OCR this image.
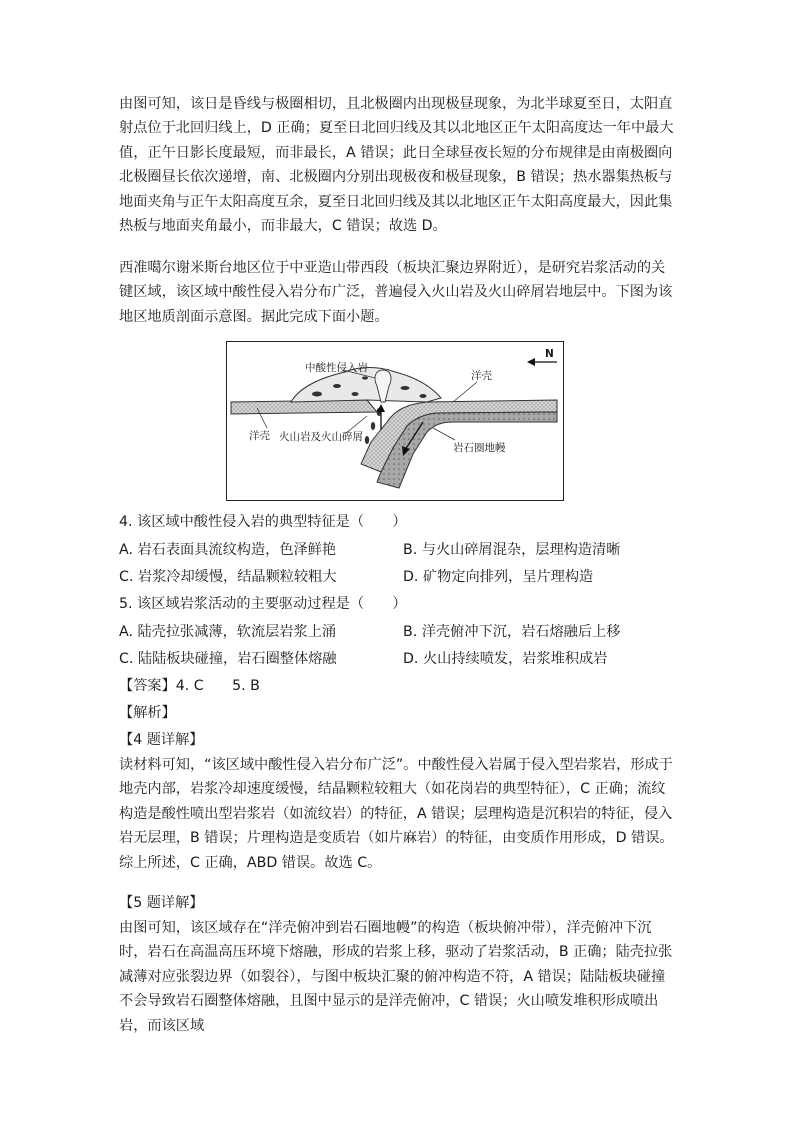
由图可知，该日是昏线与极圈相切，且北极圈内出现极昼现象，为北半球夏至日，太阳直射点位于北回归线上，D 正确；夏至日北回归线及其以北地区正午太阳高度达一年中最大值，正午日影长度最短，而非最长，A 错误；此日全球昼夜长短的分布规律是由南极圈向北极圈昼长依次递增，南、北极圈内分别出现极夜和极昼现象，B 错误；热水器集热板与地面夹角与正午太阳高度互余，夏至日北回归线及其以北地区正午太阳高度最大，因此集热板与地面夹角最小，而非最大，C 错误；故选 D。

西准噶尔谢米斯台地区位于中亚造山带西段（板块汇聚边界附近），是研究岩浆活动的关键区域，该区域中酸性侵入岩分布广泛，普遍侵入火山岩及火山碎屑岩地层中。下图为该地区地质剖面示意图。据此完成下面小题。

中酸性侵入岩
洋壳
洋壳 火山岩及火山碎屑
岩石圈地幔
N
4. 该区域中酸性侵入岩的典型特征是（　　）
A. 岩石表面具流纹构造，色泽鲜艳	B. 与火山碎屑混杂，层理构造清晰
C. 岩浆冷却缓慢，结晶颗粒较粗大	D. 矿物定向排列，呈片理构造
5. 该区域岩浆活动的主要驱动过程是（　　）
A. 陆壳拉张减薄，软流层岩浆上涌	B. 洋壳俯冲下沉，岩石熔融后上移
C. 陆陆板块碰撞，岩石圈整体熔融	D. 火山持续喷发，岩浆堆积成岩
【答案】4. C　　5. B
【解析】
【4 题详解】

读材料可知，“该区域中酸性侵入岩分布广泛”。中酸性侵入岩属于侵入型岩浆岩，形成于地壳内部，岩浆冷却速度缓慢，结晶颗粒较粗大（如花岗岩的典型特征），C 正确；流纹构造是酸性喷出型岩浆岩（如流纹岩）的特征，A 错误；层理构造是沉积岩的特征，侵入岩无层理，B 错误；片理构造是变质岩（如片麻岩）的特征，由变质作用形成，D 错误。综上所述，C 正确，ABD 错误。故选 C。

【5 题详解】

由图可知，该区域存在“洋壳俯冲到岩石圈地幔”的构造（板块俯冲带），洋壳俯冲下沉时，岩石在高温高压环境下熔融，形成的岩浆上移，驱动了岩浆活动，B 正确；陆壳拉张减薄对应张裂边界（如裂谷），与图中板块汇聚的俯冲构造不符，A 错误；陆陆板块碰撞不会导致岩石圈整体熔融，且图中显示的是洋壳俯冲，C 错误；火山喷发堆积形成喷出岩，而该区域
